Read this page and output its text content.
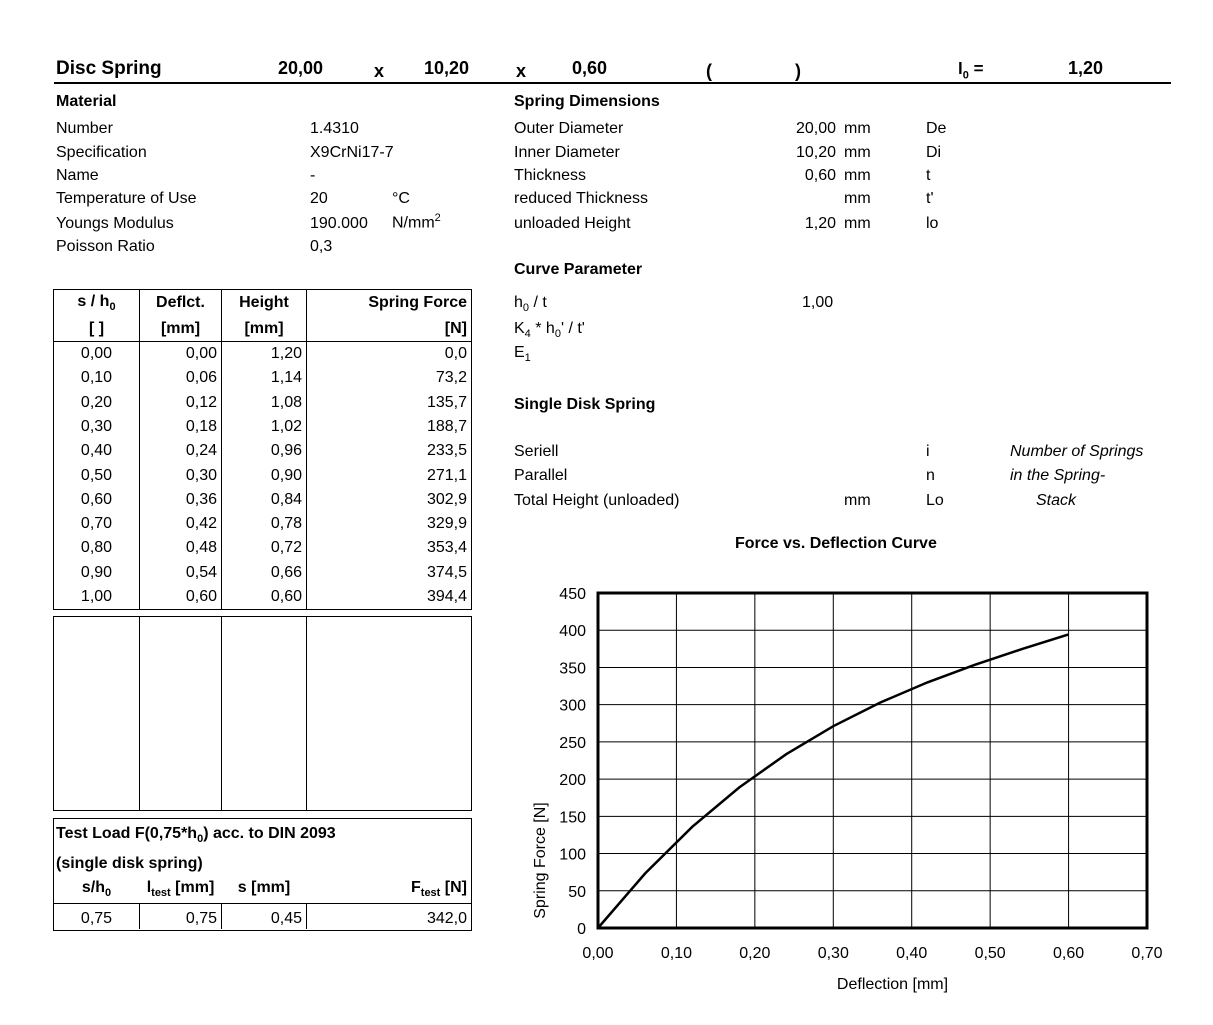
Disc Spring	20,00	x 10,20	x	0,60	(	)	$l_0$ =	1,20
Material
Number	1.4310
Specification	X9CrNi17-7
Name	-
Temperature of Use	20	°C
Youngs Modulus	190.000 $N/mm^2$
Poisson Ratio	0,3
Spring Dimensions
Outer Diameter	20,00 mm	De
Inner Diameter	10,20 mm	Di
Thickness	0,60 mm	t
reduced Thickness	mm	t'
unloaded Height	1,20 mm	lo
Curve Parameter
$h_0$ / t	1,00
$K_4 * h_0'$ / t'
$E_1$
Single Disk Spring
Seriell	i	Number of Springs
Parallel	n	in the Spring-
Total Height (unloaded)	mm	Lo	Stack
s / $h_0$	Deflct.	Height	Spring Force
[ ]	[mm]	[mm]	[N]
0,00	0,00	1,20	0,0
0,10	0,06	1,14	73,2
0,20	0,12	1,08	135,7
0,30	0,18	1,02	188,7
0,40	0,24	0,96	233,5
0,50	0,30	0,90	271,1
0,60	0,36	0,84	302,9
0,70	0,42	0,78	329,9
0,80	0,48	0,72	353,4
0,90	0,54	0,66	374,5
1,00	0,60	0,60	394,4
Test Load $F(0,75*h_0)$ acc. to DIN 2093
(single disk spring)
$s/h_0$	$l_{test}$ [mm]	s [mm]	$F_{test}$ [N]
0,75	0,75	0,45	342,0
Force vs. Deflection Curve
0,00	0,10	0,20	0,30	0,40	0,50	0,60	0,70
0
50
100
150
200
250
300
350
400
450
Deflection [mm]
Spring Force [N]
